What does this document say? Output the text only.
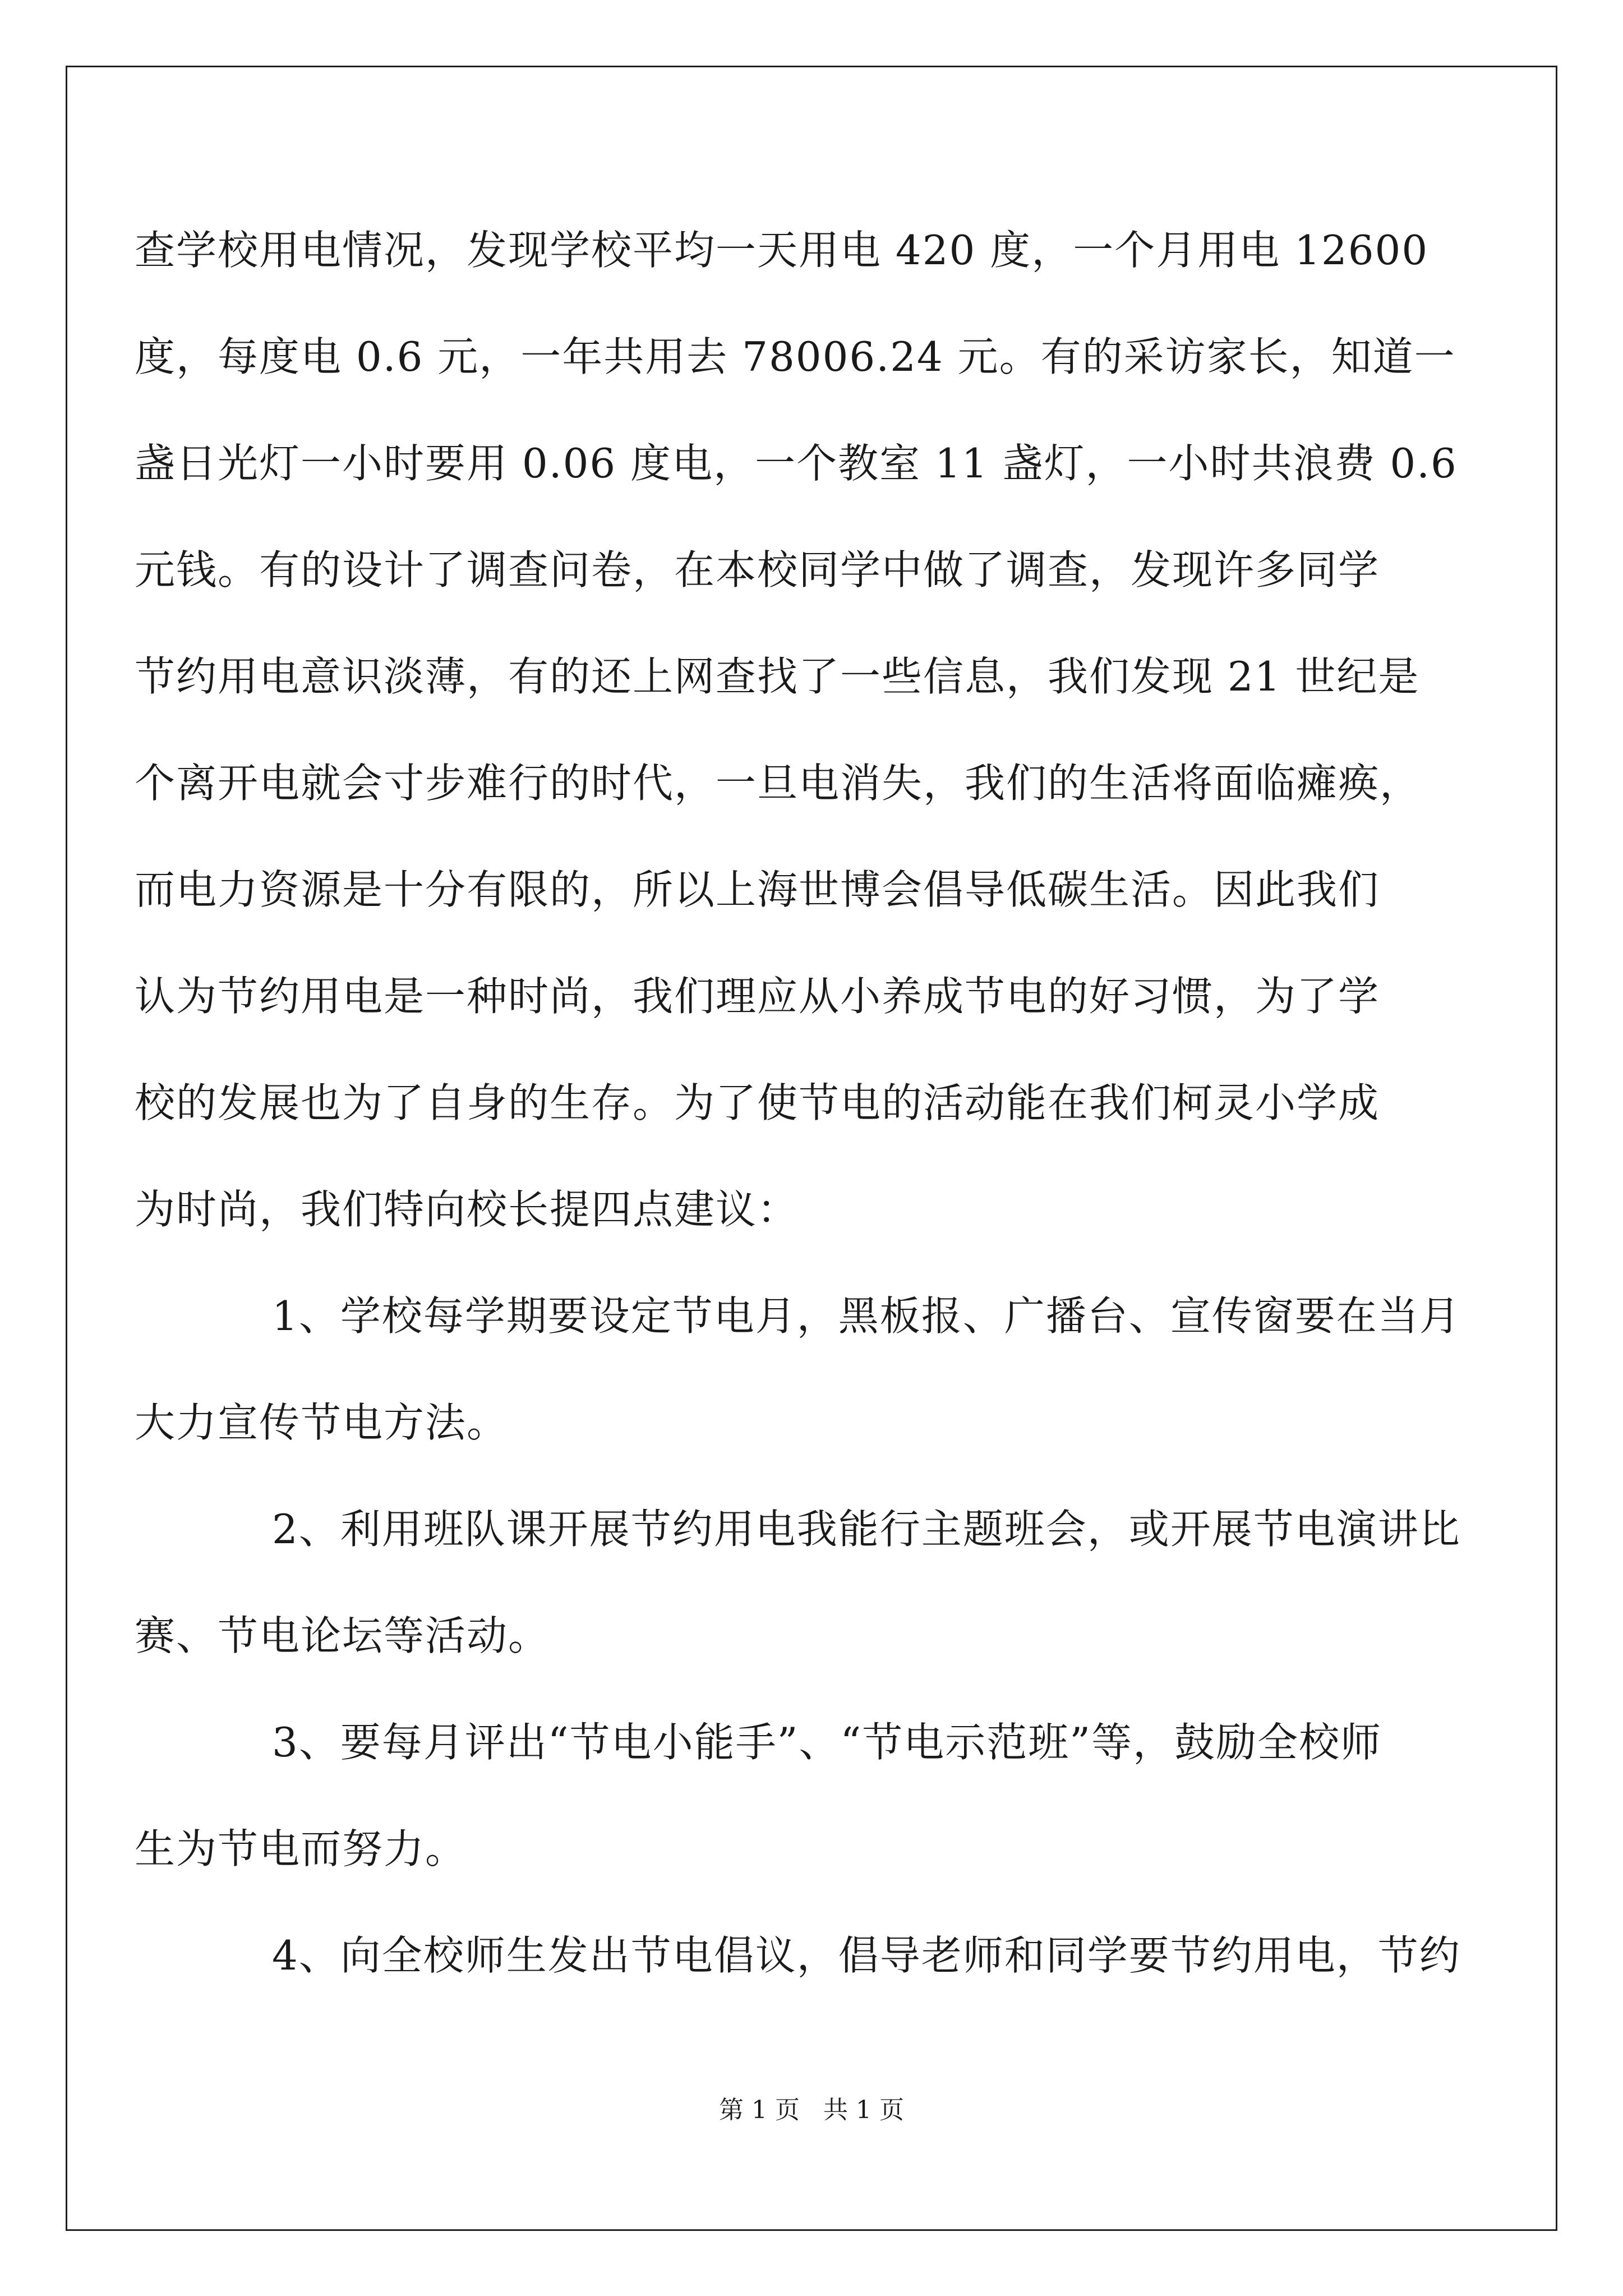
查学校用电情况，发现学校平均一天用电 420 度，一个月用电 12600
度，每度电 0.6 元，一年共用去 78006.24 元。有的采访家长，知道一
盏日光灯一小时要用 0.06 度电，一个教室 11 盏灯，一小时共浪费 0.6
元钱。有的设计了调查问卷，在本校同学中做了调查，发现许多同学
节约用电意识淡薄，有的还上网查找了一些信息，我们发现 21 世纪是
个离开电就会寸步难行的时代，一旦电消失，我们的生活将面临瘫痪，
而电力资源是十分有限的，所以上海世博会倡导低碳生活。因此我们
认为节约用电是一种时尚，我们理应从小养成节电的好习惯，为了学
校的发展也为了自身的生存。为了使节电的活动能在我们柯灵小学成
为时尚，我们特向校长提四点建议：
1、学校每学期要设定节电月，黑板报、广播台、宣传窗要在当月
大力宣传节电方法。
2、利用班队课开展节约用电我能行主题班会，或开展节电演讲比
赛、节电论坛等活动。
3、要每月评出“节电小能手”、“节电示范班”等，鼓励全校师
生为节电而努力。
4、向全校师生发出节电倡议，倡导老师和同学要节约用电，节约
第 1 页   共 1 页
